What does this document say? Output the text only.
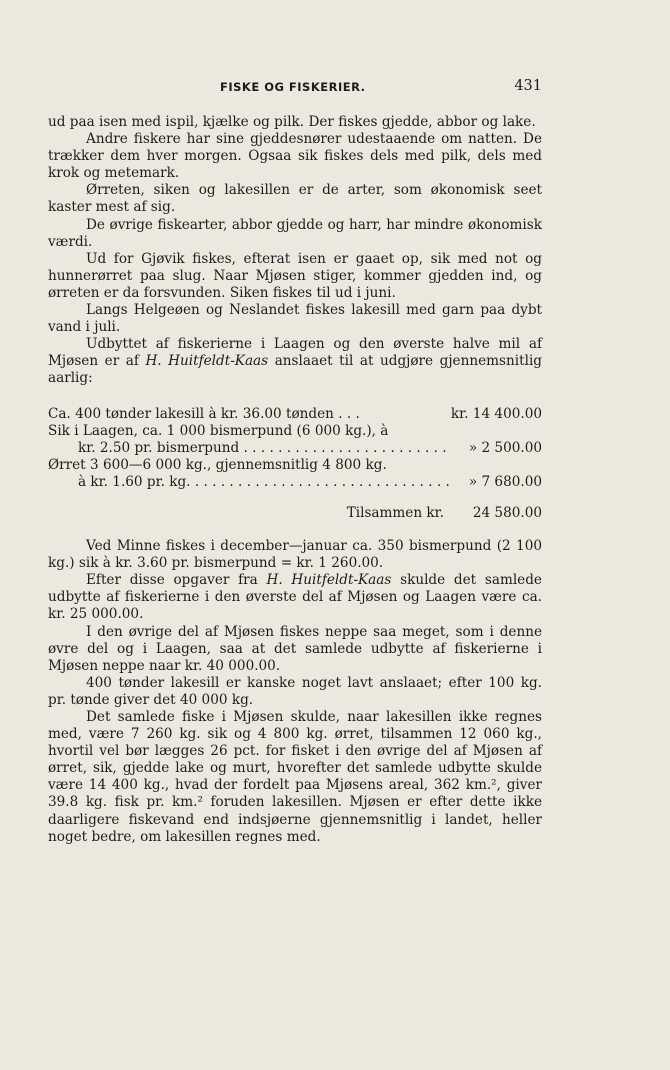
FISKE OG FISKERIER.	431

ud paa isen med ispil, kjælke og pilk. Der fiskes gjedde, abbor og lake.

Andre fiskere har sine gjeddesnører udestaaende om natten. De trækker dem hver morgen. Ogsaa sik fiskes dels med pilk, dels med krok og metemark.

Ørreten, siken og lakesillen er de arter, som økonomisk seet kaster mest af sig.

De øvrige fiskearter, abbor gjedde og harr, har mindre økonomisk værdi.

Ud for Gjøvik fiskes, efterat isen er gaaet op, sik med not og hunnerørret paa slug. Naar Mjøsen stiger, kommer gjedden ind, og ørreten er da forsvunden. Siken fiskes til ud i juni.

Langs Helgeøen og Neslandet fiskes lakesill med garn paa dybt vand i juli.

Udbyttet af fiskerierne i Laagen og den øverste halve mil af Mjøsen er af H. Huitfeldt-Kaas anslaaet til at udgjøre gjennemsnitlig aarlig:

Ca. 400 tønder lakesill à kr. 36.00 tønden . . .	kr. 14 400.00
Sik i Laagen, ca. 1 000 bismerpund (6 000 kg.), à
kr. 2.50 pr. bismerpund . . .	» 2 500.00
Ørret 3 600—6 000 kg., gjennemsnitlig 4 800 kg.
à kr. 1.60 pr. kg. . . .	» 7 680.00
Tilsammen kr.	24 580.00

Ved Minne fiskes i december—januar ca. 350 bismerpund (2 100 kg.) sik à kr. 3.60 pr. bismerpund = kr. 1 260.00.

Efter disse opgaver fra H. Huitfeldt-Kaas skulde det samlede udbytte af fiskerierne i den øverste del af Mjøsen og Laagen være ca. kr. 25 000.00.

I den øvrige del af Mjøsen fiskes neppe saa meget, som i denne øvre del og i Laagen, saa at det samlede udbytte af fiskerierne i Mjøsen neppe naar kr. 40 000.00.

400 tønder lakesill er kanske noget lavt anslaaet; efter 100 kg. pr. tønde giver det 40 000 kg.

Det samlede fiske i Mjøsen skulde, naar lakesillen ikke regnes med, være 7 260 kg. sik og 4 800 kg. ørret, tilsammen 12 060 kg., hvortil vel bør lægges 26 pct. for fisket i den øvrige del af Mjøsen af ørret, sik, gjedde lake og murt, hvorefter det samlede udbytte skulde være 14 400 kg., hvad der fordelt paa Mjøsens areal, 362 km.², giver 39.8 kg. fisk pr. km.² foruden lakesillen. Mjøsen er efter dette ikke daarligere fiskevand end indsjøerne gjennemsnitlig i landet, heller noget bedre, om lakesillen regnes med.
